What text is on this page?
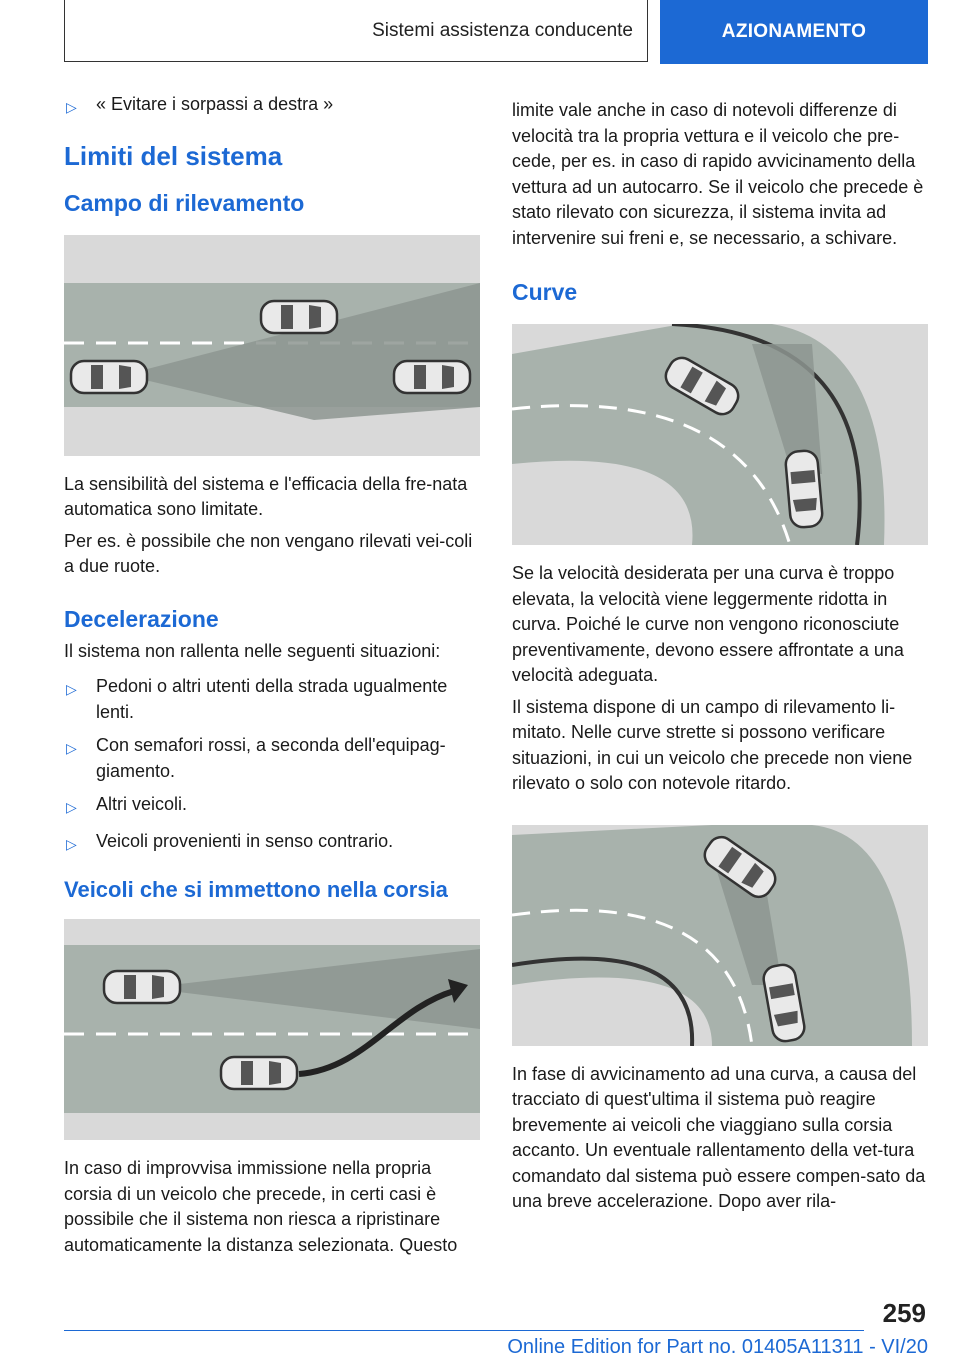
Sistemi assistenza conducente	AZIONAMENTO
▷	« Evitare i sorpassi a destra »
Limiti del sistema
Campo di rilevamento

La sensibilità del sistema e l'efficacia della fre-nata automatica sono limitate.

Per es. è possibile che non vengano rilevati vei-coli a due ruote.

Decelerazione

Il sistema non rallenta nelle seguenti situazioni:

▷	Pedoni o altri utenti della strada ugualmente lenti.
▷	Con semafori rossi, a seconda dell'equipag-giamento.
▷	Altri veicoli.
▷	Veicoli provenienti in senso contrario.
Veicoli che si immettono nella corsia

In caso di improvvisa immissione nella propria corsia di un veicolo che precede, in certi casi è possibile che il sistema non riesca a ripristinare automaticamente la distanza selezionata. Questo

limite vale anche in caso di notevoli differenze di velocità tra la propria vettura e il veicolo che pre-cede, per es. in caso di rapido avvicinamento della vettura ad un autocarro. Se il veicolo che precede è stato rilevato con sicurezza, il sistema invita ad intervenire sui freni e, se necessario, a schivare.

Curve

Se la velocità desiderata per una curva è troppo elevata, la velocità viene leggermente ridotta in curva. Poiché le curve non vengono riconosciute preventivamente, devono essere affrontate a una velocità adeguata.

Il sistema dispone di un campo di rilevamento li-mitato. Nelle curve strette si possono verificare situazioni, in cui un veicolo che precede non viene rilevato o solo con notevole ritardo.

In fase di avvicinamento ad una curva, a causa del tracciato di quest'ultima il sistema può reagire brevemente ai veicoli che viaggiano sulla corsia accanto. Un eventuale rallentamento della vet-tura comandato dal sistema può essere compen-sato da una breve accelerazione. Dopo aver rila-

259
Online Edition for Part no. 01405A11311 - VI/20
